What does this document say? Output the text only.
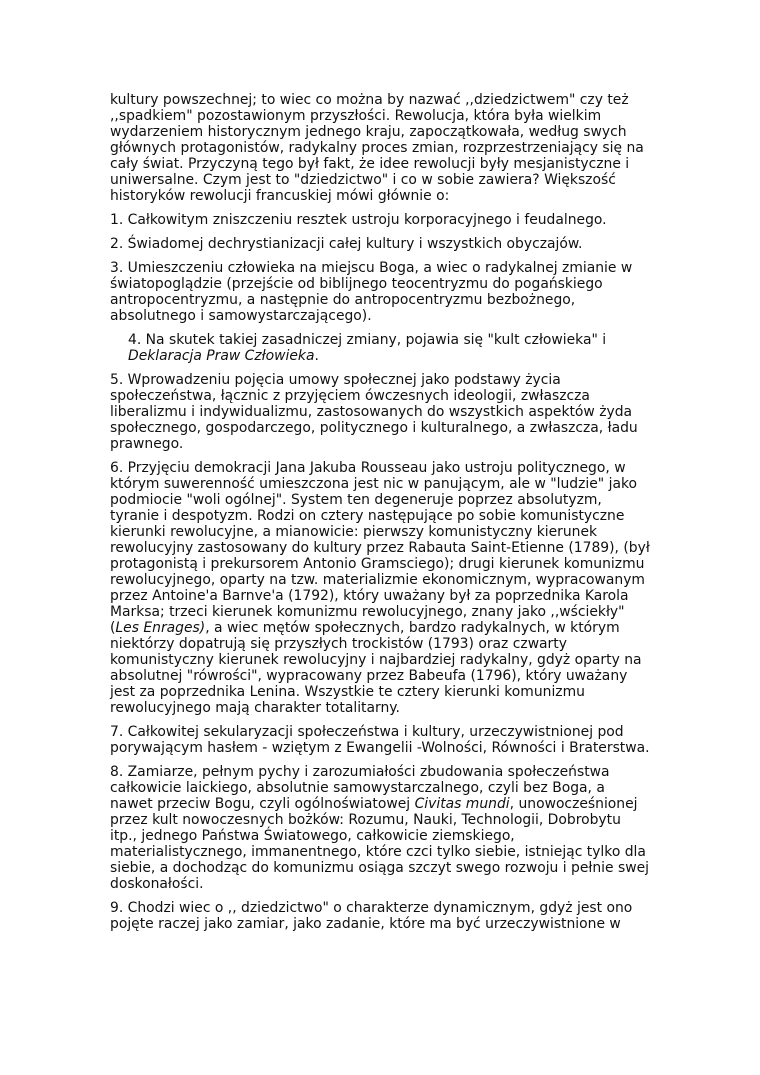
kultury powszechnej; to wiec co można by nazwać ,,dziedzictwem" czy też ,,spadkiem" pozostawionym przyszłości. Rewolucja, która była wielkim wydarzeniem historycznym jednego kraju, zapoczątkowała, według swych głównych protagonistów, radykalny proces zmian, rozprzestrzeniający się na cały świat. Przyczyną tego był fakt, że idee rewolucji były mesjanistyczne i uniwersalne. Czym jest to "dziedzictwo" i co w sobie zawiera? Większość historyków rewolucji francuskiej mówi głównie o:

1. Całkowitym zniszczeniu resztek ustroju korporacyjnego i feudalnego.

2. Świadomej dechrystianizacji całej kultury i wszystkich obyczajów.

3. Umieszczeniu człowieka na miejscu Boga, a wiec o radykalnej zmianie w światopoglądzie (przejście od biblijnego teocentryzmu do pogańskiego antropocentryzmu, a następnie do antropocentryzmu bezbożnego, absolutnego i samowystarczającego).

4. Na skutek takiej zasadniczej zmiany, pojawia się "kult człowieka" i Deklaracja Praw Człowieka.

5. Wprowadzeniu pojęcia umowy społecznej jako podstawy życia społeczeństwa, łącznic z przyjęciem ówczesnych ideologii, zwłaszcza liberalizmu i indywidualizmu, zastosowanych do wszystkich aspektów żyda społecznego, gospodarczego, politycznego i kulturalnego, a zwłaszcza, ładu prawnego.

6. Przyjęciu demokracji Jana Jakuba Rousseau jako ustroju politycznego, w którym suwerenność umieszczona jest nic w panującym, ale w "ludzie" jako podmiocie "woli ogólnej". System ten degeneruje poprzez absolutyzm, tyranie i despotyzm. Rodzi on cztery następujące po sobie komunistyczne kierunki rewolucyjne, a mianowicie: pierwszy komunistyczny kierunek rewolucyjny zastosowany do kultury przez Rabauta Saint-Etienne (1789), (był protagonistą i prekursorem Antonio Gramsciego); drugi kierunek komunizmu rewolucyjnego, oparty na tzw. materializmie ekonomicznym, wypracowanym przez Antoine'a Barnve'a (1792), który uważany był za poprzednika Karola Marksa; trzeci kierunek komunizmu rewolucyjnego, znany jako ,,wściekły" (Les Enrages), a wiec mętów społecznych, bardzo radykalnych, w którym niektórzy dopatrują się przyszłych trockistów (1793) oraz czwarty komunistyczny kierunek rewolucyjny i najbardziej radykalny, gdyż oparty na absolutnej "rówrości", wypracowany przez Babeufa (1796), który uważany jest za poprzednika Lenina. Wszystkie te cztery kierunki komunizmu rewolucyjnego mają charakter totalitarny.

7. Całkowitej sekularyzacji społeczeństwa i kultury, urzeczywistnionej pod porywającym hasłem - wziętym z Ewangelii -Wolności, Równości i Braterstwa.

8. Zamiarze, pełnym pychy i zarozumiałości zbudowania społeczeństwa całkowicie laickiego, absolutnie samowystarczalnego, czyli bez Boga, a nawet przeciw Bogu, czyli ogólnoświatowej Civitas mundi, unowocześnionej przez kult nowoczesnych bożków: Rozumu, Nauki, Technologii, Dobrobytu itp., jednego Państwa Światowego, całkowicie ziemskiego, materialistycznego, immanentnego, które czci tylko siebie, istniejąc tylko dla siebie, a dochodząc do komunizmu osiąga szczyt swego rozwoju i pełnie swej doskonałości.

9. Chodzi wiec o ,, dziedzictwo" o charakterze dynamicznym, gdyż jest ono pojęte raczej jako zamiar, jako zadanie, które ma być urzeczywistnione w
